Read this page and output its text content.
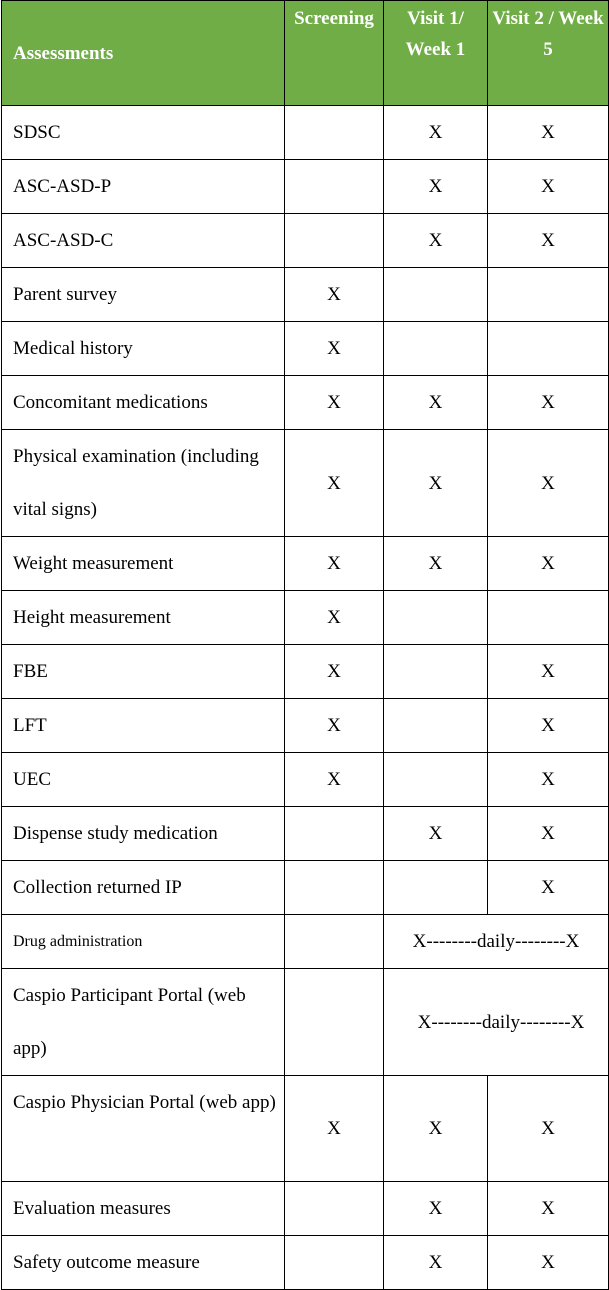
Assessments	Screening	Visit 1/ Week 1	Visit 2 / Week 5
SDSC		X	X
ASC-ASD-P		X	X
ASC-ASD-C		X	X
Parent survey	X		
Medical history	X		
Concomitant medications	X	X	X
Physical examination (including vital signs)	X	X	X
Weight measurement	X	X	X
Height measurement	X		
FBE	X		X
LFT	X		X
UEC	X		X
Dispense study medication		X	X
Collection returned IP			X
Drug administration		X--------daily--------X	
Caspio Participant Portal (web app)		X--------daily--------X	
Caspio Physician Portal (web app)	X	X	X
Evaluation measures		X	X
Safety outcome measure		X	X
